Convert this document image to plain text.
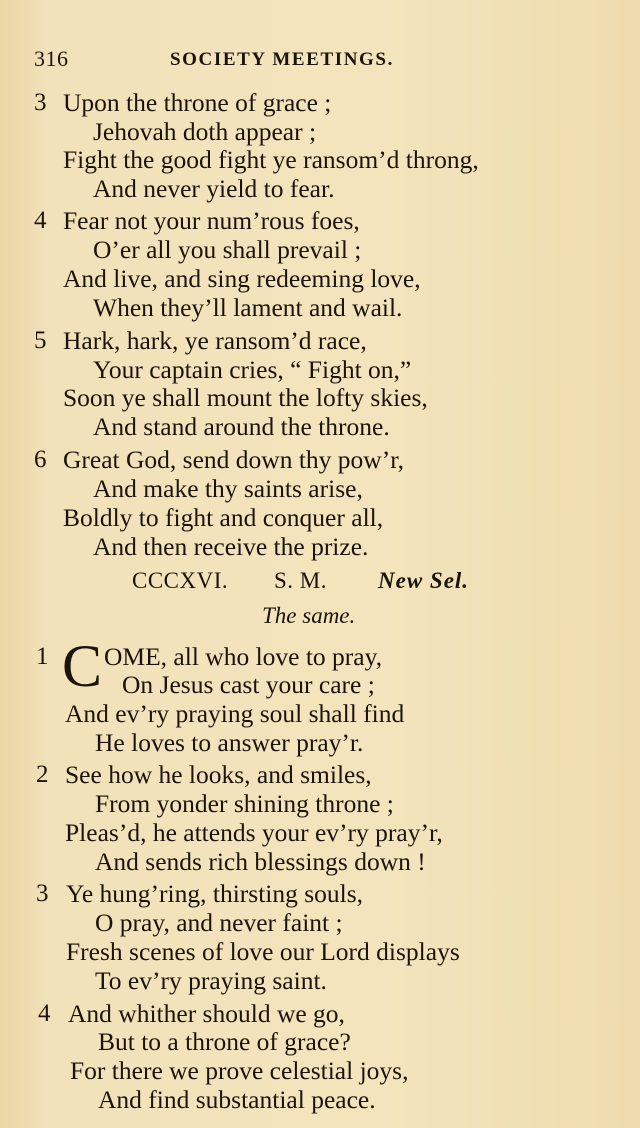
316	SOCIETY MEETINGS.
3 Upon the throne of grace ;
Jehovah doth appear ;
Fight the good fight ye ransom’d throng,
And never yield to fear.
4 Fear not your num’rous foes,
O’er all you shall prevail ;
And live, and sing redeeming love,
When they’ll lament and wail.
5 Hark, hark, ye ransom’d race,
Your captain cries, “ Fight on,”
Soon ye shall mount the lofty skies,
And stand around the throne.
6 Great God, send down thy pow’r,
And make thy saints arise,
Boldly to fight and conquer all,
And then receive the prize.
CCCXVI. S. M. New Sel.
The same.
1 C OME, all who love to pray,
On Jesus cast your care ;
And ev’ry praying soul shall find
He loves to answer pray’r.
2 See how he looks, and smiles,
From yonder shining throne ;
Pleas’d, he attends your ev’ry pray’r,
And sends rich blessings down !
3 Ye hung’ring, thirsting souls,
O pray, and never faint ;
Fresh scenes of love our Lord displays
To ev’ry praying saint.
4 And whither should we go,
But to a throne of grace?
For there we prove celestial joys,
And find substantial peace.
